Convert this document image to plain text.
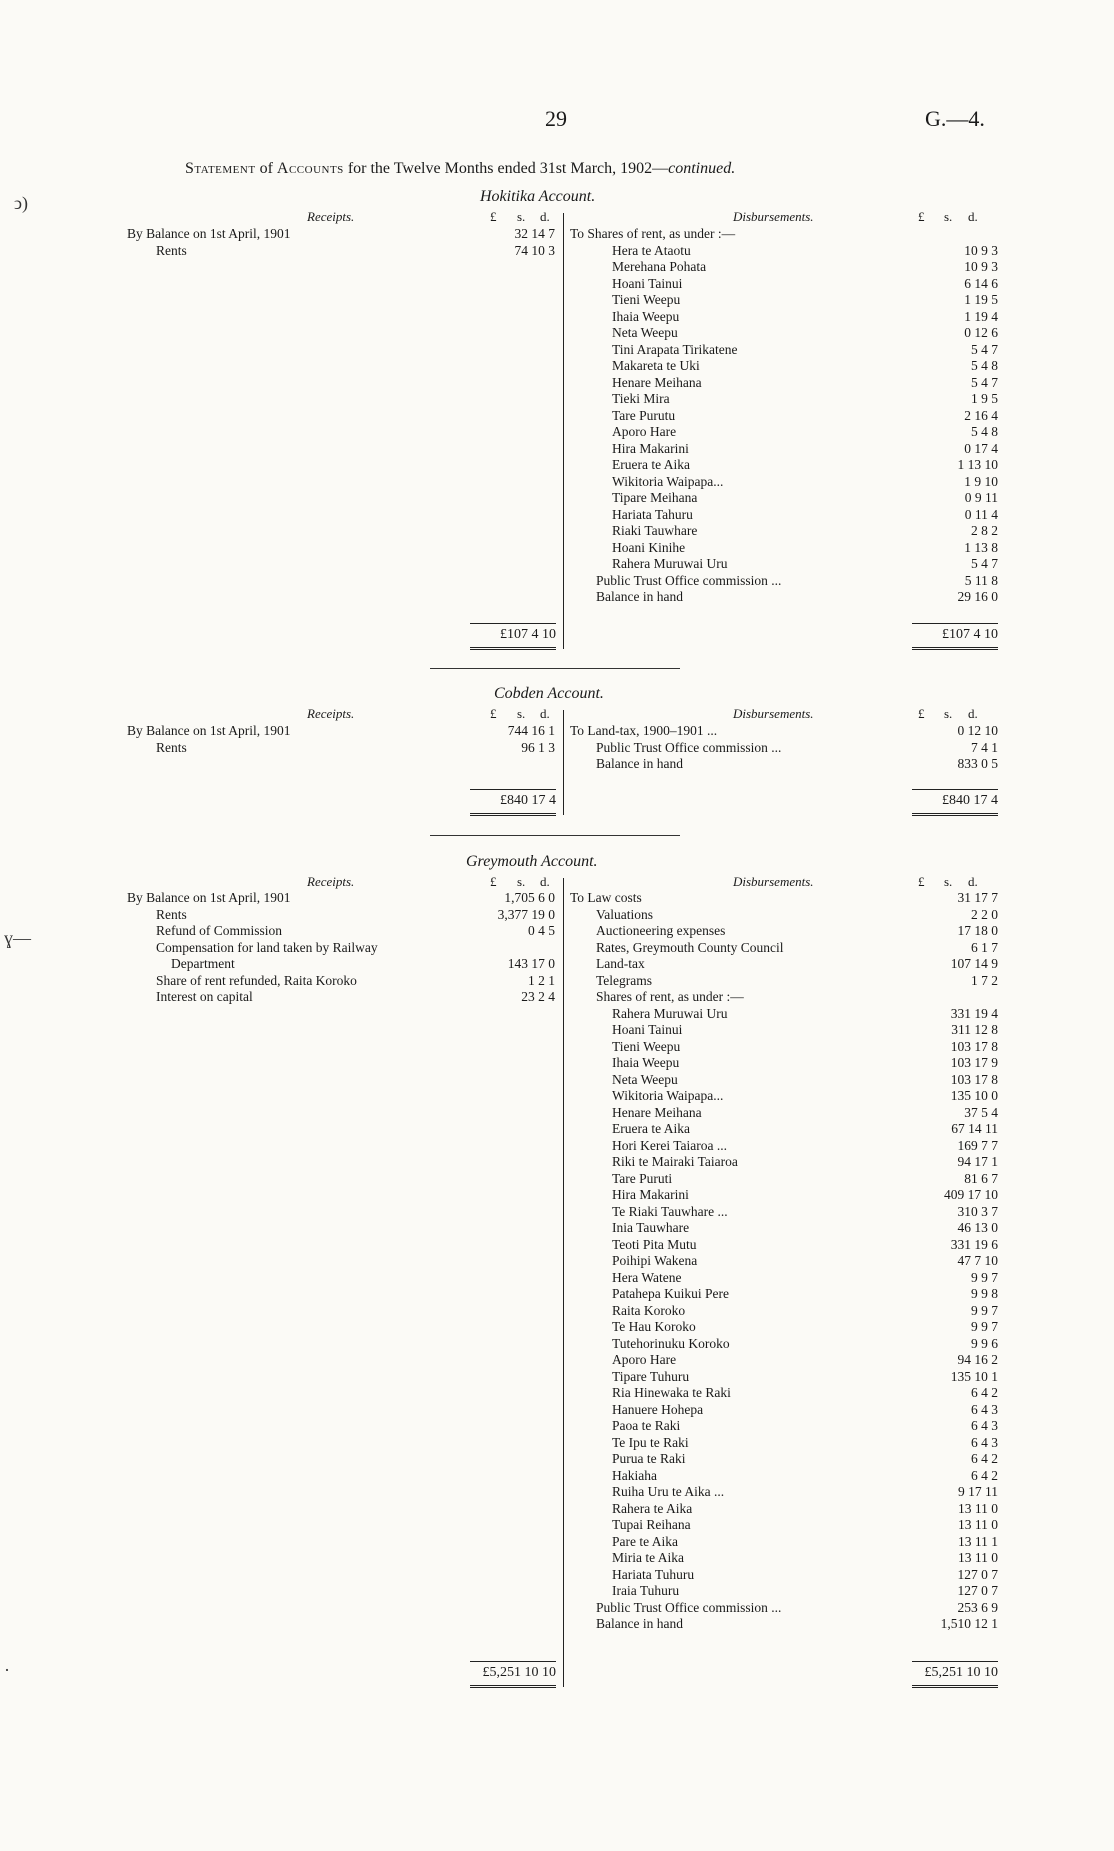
29	G.—4.
Statement of Accounts for the Twelve Months ended 31st March, 1902—continued.
ↄ)
ɣ—
·
Hokitika Account.
Receipts.	Disbursements.
£ s. d.	£ s. d.
By Balance on 1st April, 1901	32 14 7
Rents	74 10 3
To Shares of rent, as under :—
Hera te Ataotu	10 9 3
Merehana Pohata	10 9 3
Hoani Tainui	6 14 6
Tieni Weepu	1 19 5
Ihaia Weepu	1 19 4
Neta Weepu	0 12 6
Tini Arapata Tirikatene	5 4 7
Makareta te Uki	5 4 8
Henare Meihana	5 4 7
Tieki Mira	1 9 5
Tare Purutu	2 16 4
Aporo Hare	5 4 8
Hira Makarini	0 17 4
Eruera te Aika	1 13 10
Wikitoria Waipapa...	1 9 10
Tipare Meihana	0 9 11
Hariata Tahuru	0 11 4
Riaki Tauwhare	2 8 2
Hoani Kinihe	1 13 8
Rahera Muruwai Uru	5 4 7
Public Trust Office commission ...	5 11 8
Balance in hand	29 16 0
£107 4 10	£107 4 10
Cobden Account.
Receipts.	Disbursements.
£ s. d.	£ s. d.
By Balance on 1st April, 1901	744 16 1
Rents	96 1 3
To Land-tax, 1900–1901 ...	0 12 10
Public Trust Office commission ...	7 4 1
Balance in hand	833 0 5
£840 17 4	£840 17 4
Greymouth Account.
Receipts.	Disbursements.
£ s. d.	£ s. d.
By Balance on 1st April, 1901	1,705 6 0
Rents	3,377 19 0
Refund of Commission	0 4 5
Compensation for land taken by Railway
Department	143 17 0
Share of rent refunded, Raita Koroko	1 2 1
Interest on capital	23 2 4
To Law costs	31 17 7
Valuations	2 2 0
Auctioneering expenses	17 18 0
Rates, Greymouth County Council	6 1 7
Land-tax	107 14 9
Telegrams	1 7 2
Shares of rent, as under :—
Rahera Muruwai Uru	331 19 4
Hoani Tainui	311 12 8
Tieni Weepu	103 17 8
Ihaia Weepu	103 17 9
Neta Weepu	103 17 8
Wikitoria Waipapa...	135 10 0
Henare Meihana	37 5 4
Eruera te Aika	67 14 11
Hori Kerei Taiaroa ...	169 7 7
Riki te Mairaki Taiaroa	94 17 1
Tare Puruti	81 6 7
Hira Makarini	409 17 10
Te Riaki Tauwhare ...	310 3 7
Inia Tauwhare	46 13 0
Teoti Pita Mutu	331 19 6
Poihipi Wakena	47 7 10
Hera Watene	9 9 7
Patahepa Kuikui Pere	9 9 8
Raita Koroko	9 9 7
Te Hau Koroko	9 9 7
Tutehorinuku Koroko	9 9 6
Aporo Hare	94 16 2
Tipare Tuhuru	135 10 1
Ria Hinewaka te Raki	6 4 2
Hanuere Hohepa	6 4 3
Paoa te Raki	6 4 3
Te Ipu te Raki	6 4 3
Purua te Raki	6 4 2
Hakiaha	6 4 2
Ruiha Uru te Aika ...	9 17 11
Rahera te Aika	13 11 0
Tupai Reihana	13 11 0
Pare te Aika	13 11 1
Miria te Aika	13 11 0
Hariata Tuhuru	127 0 7
Iraia Tuhuru	127 0 7
Public Trust Office commission ...	253 6 9
Balance in hand	1,510 12 1
£5,251 10 10	£5,251 10 10
